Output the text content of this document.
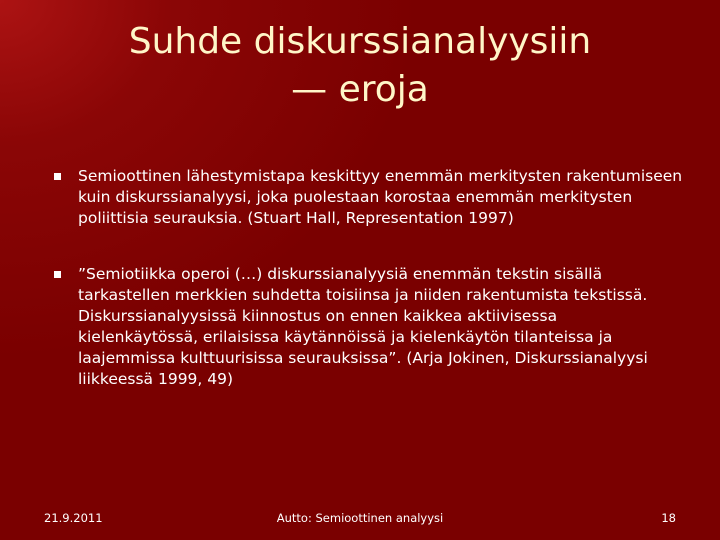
Suhde diskurssianalyysiin
— eroja
Semioottinen lähestymistapa keskittyy enemmän merkitysten rakentumiseen
kuin diskurssianalyysi, joka puolestaan korostaa enemmän merkitysten
poliittisia seurauksia. (Stuart Hall, Representation 1997)
”Semiotiikka operoi (…) diskurssianalyysiä enemmän tekstin sisällä
tarkastellen merkkien suhdetta toisiinsa ja niiden rakentumista tekstissä.
Diskurssianalyysissä kiinnostus on ennen kaikkea aktiivisessa
kielenkäytössä, erilaisissa käytännöissä ja kielenkäytön tilanteissa ja
laajemmissa kulttuurisissa seurauksissa”. (Arja Jokinen, Diskurssianalyysi
liikkeessä 1999, 49)
21.9.2011	Autto: Semioottinen analyysi	18
